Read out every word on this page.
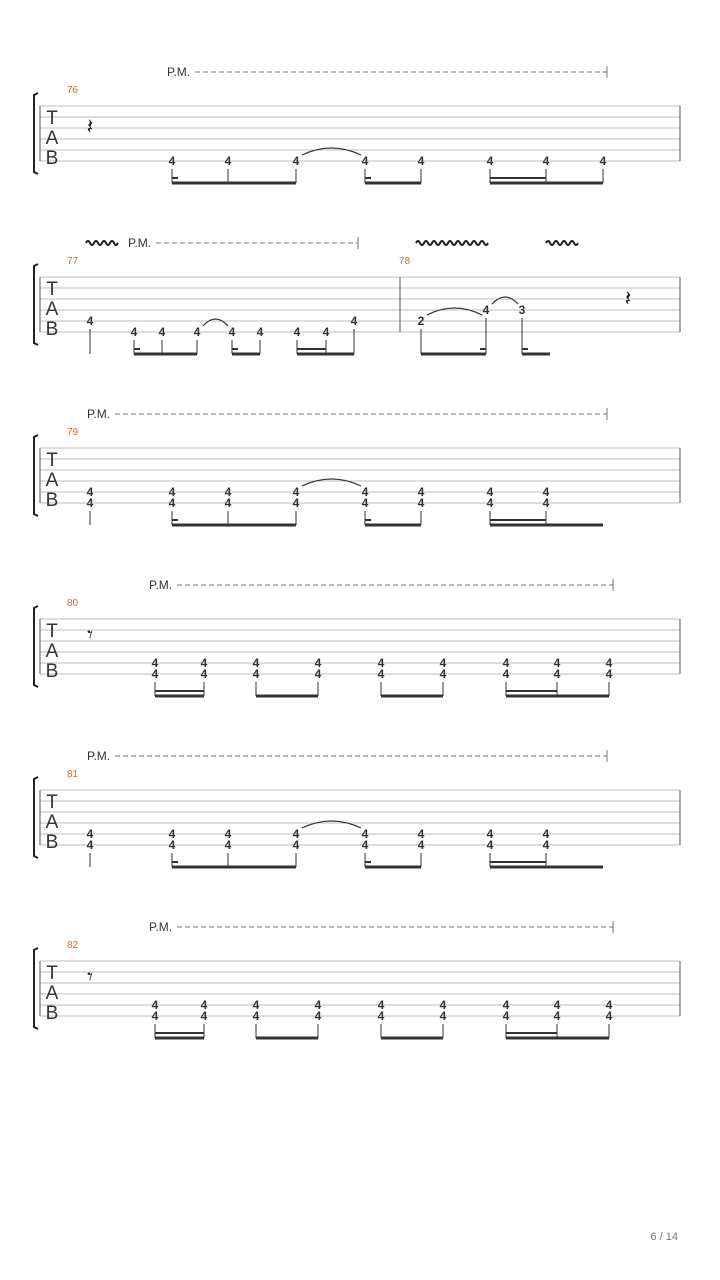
T
A
B
76
P.M.
𝄽
4	4	4	4	4	4	4	4
T
A
B
77	78
P.M.
𝄽
4
4 4 4 4 4	4 4
4	2
4 3
T
A
B
79
P.M.
4
4
4
4
4
4
4
4
4
4
4
4
4
4
4
4
T
A
B
80
P.M.
𝄾
4
4
4
4
4
4
4
4
4
4
4
4
4
4
4
4
4
4
T
A
B
81
P.M.
4
4
4
4
4
4
4
4
4
4
4
4
4
4
4
4
T
A
B
82
P.M.
𝄾
4
4
4
4
4
4
4
4
4
4
4
4
4
4
4
4
4
4
6 / 14
